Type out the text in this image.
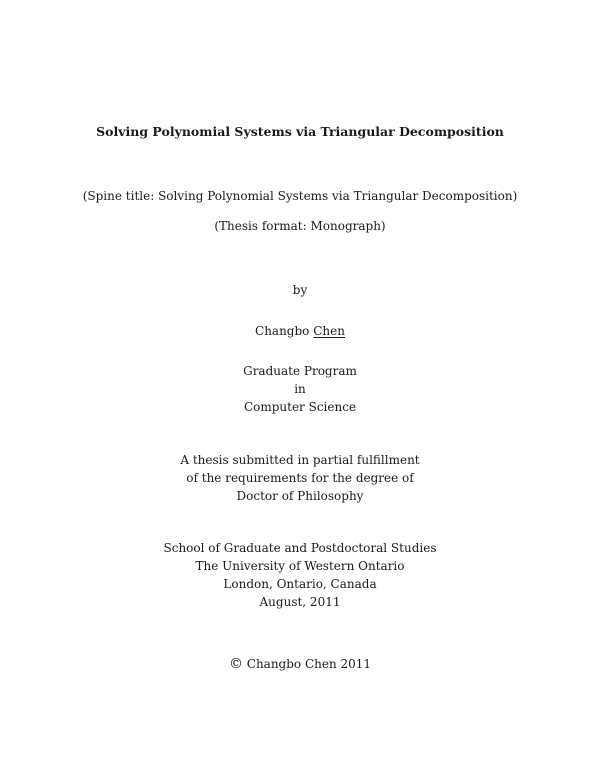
Solving Polynomial Systems via Triangular Decomposition
(Spine title: Solving Polynomial Systems via Triangular Decomposition)
(Thesis format: Monograph)
by
Changbo Chen
Graduate Program
in
Computer Science
A thesis submitted in partial fulfillment
of the requirements for the degree of
Doctor of Philosophy
School of Graduate and Postdoctoral Studies
The University of Western Ontario
London, Ontario, Canada
August, 2011
© Changbo Chen 2011
